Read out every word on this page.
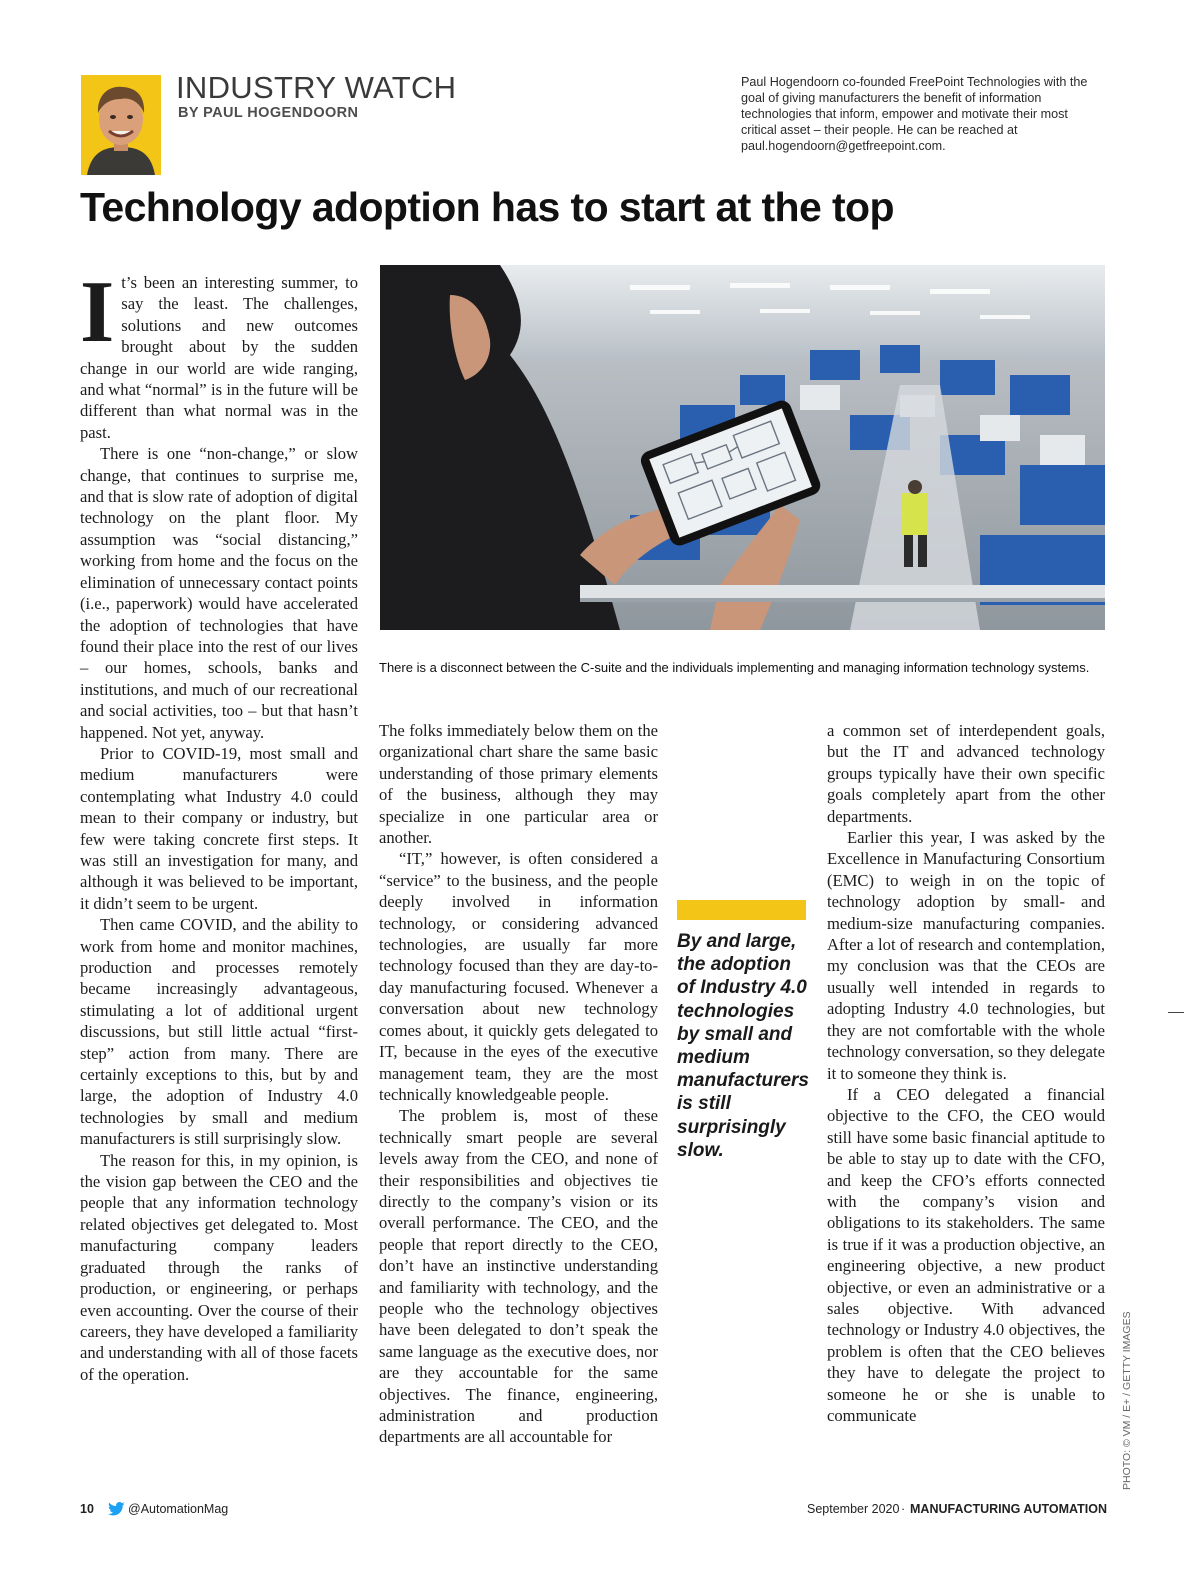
INDUSTRY WATCH
BY PAUL HOGENDOORN

Paul Hogendoorn co-founded FreePoint Technologies with the goal of giving manufacturers the benefit of information technologies that inform, empower and motivate their most critical asset – their people. He can be reached at paul.hogendoorn@getfreepoint.com.

Technology adoption has to start at the top

There is a disconnect between the C-suite and the individuals implementing and managing information technology systems.

PHOTO: © VM / E+ / GETTY IMAGES

It’s been an interesting summer, to say the least. The challenges, solutions and new outcomes brought about by the sudden change in our world are wide ranging, and what “normal” is in the future will be different than what normal was in the past.

There is one “non-change,” or slow change, that continues to surprise me, and that is slow rate of adoption of digital technology on the plant floor. My assumption was “social distancing,” working from home and the focus on the elimination of unnecessary contact points (i.e., paperwork) would have accelerated the adoption of technologies that have found their place into the rest of our lives – our homes, schools, banks and institutions, and much of our recreational and social activities, too – but that hasn’t happened. Not yet, anyway.

Prior to COVID-19, most small and medium manufacturers were contemplating what Industry 4.0 could mean to their company or industry, but few were taking concrete first steps. It was still an investigation for many, and although it was believed to be important, it didn’t seem to be urgent.

Then came COVID, and the ability to work from home and monitor machines, production and processes remotely became increasingly advantageous, stimulating a lot of additional urgent discussions, but still little actual “first-step” action from many. There are certainly exceptions to this, but by and large, the adoption of Industry 4.0 technologies by small and medium manufacturers is still surprisingly slow.

The reason for this, in my opinion, is the vision gap between the CEO and the people that any information technology related objectives get delegated to. Most manufacturing company leaders graduated through the ranks of production, or engineering, or perhaps even accounting. Over the course of their careers, they have developed a familiarity and understanding with all of those facets of the operation.

The folks immediately below them on the organizational chart share the same basic understanding of those primary elements of the business, although they may specialize in one particular area or another.

“IT,” however, is often considered a “service” to the business, and the people deeply involved in information technology, or considering advanced technologies, are usually far more technology focused than they are day-to-day manufacturing focused. Whenever a conversation about new technology comes about, it quickly gets delegated to IT, because in the eyes of the executive management team, they are the most technically knowledgeable people.

The problem is, most of these technically smart people are several levels away from the CEO, and none of their responsibilities and objectives tie directly to the company’s vision or its overall performance. The CEO, and the people that report directly to the CEO, don’t have an instinctive understanding and familiarity with technology, and the people who the technology objectives have been delegated to don’t speak the same language as the executive does, nor are they accountable for the same objectives. The finance, engineering, administration and production departments are all accountable for

By and large, the adoption of Industry 4.0 technologies by small and medium manufacturers is still surprisingly slow.

a common set of interdependent goals, but the IT and advanced technology groups typically have their own specific goals completely apart from the other departments.

Earlier this year, I was asked by the Excellence in Manufacturing Consortium (EMC) to weigh in on the topic of technology adoption by small- and medium-size manufacturing companies. After a lot of research and contemplation, my conclusion was that the CEOs are usually well intended in regards to adopting Industry 4.0 technologies, but they are not comfortable with the whole technology conversation, so they delegate it to someone they think is.

If a CEO delegated a financial objective to the CFO, the CEO would still have some basic financial aptitude to be able to stay up to date with the CFO, and keep the CFO’s efforts connected with the company’s vision and obligations to its stakeholders. The same is true if it was a production objective, an engineering objective, a new product objective, or even an administrative or a sales objective. With advanced technology or Industry 4.0 objectives, the problem is often that the CEO believes they have to delegate the project to someone he or she is unable to communicate

10	@AutomationMag	September 2020 · MANUFACTURING AUTOMATION
